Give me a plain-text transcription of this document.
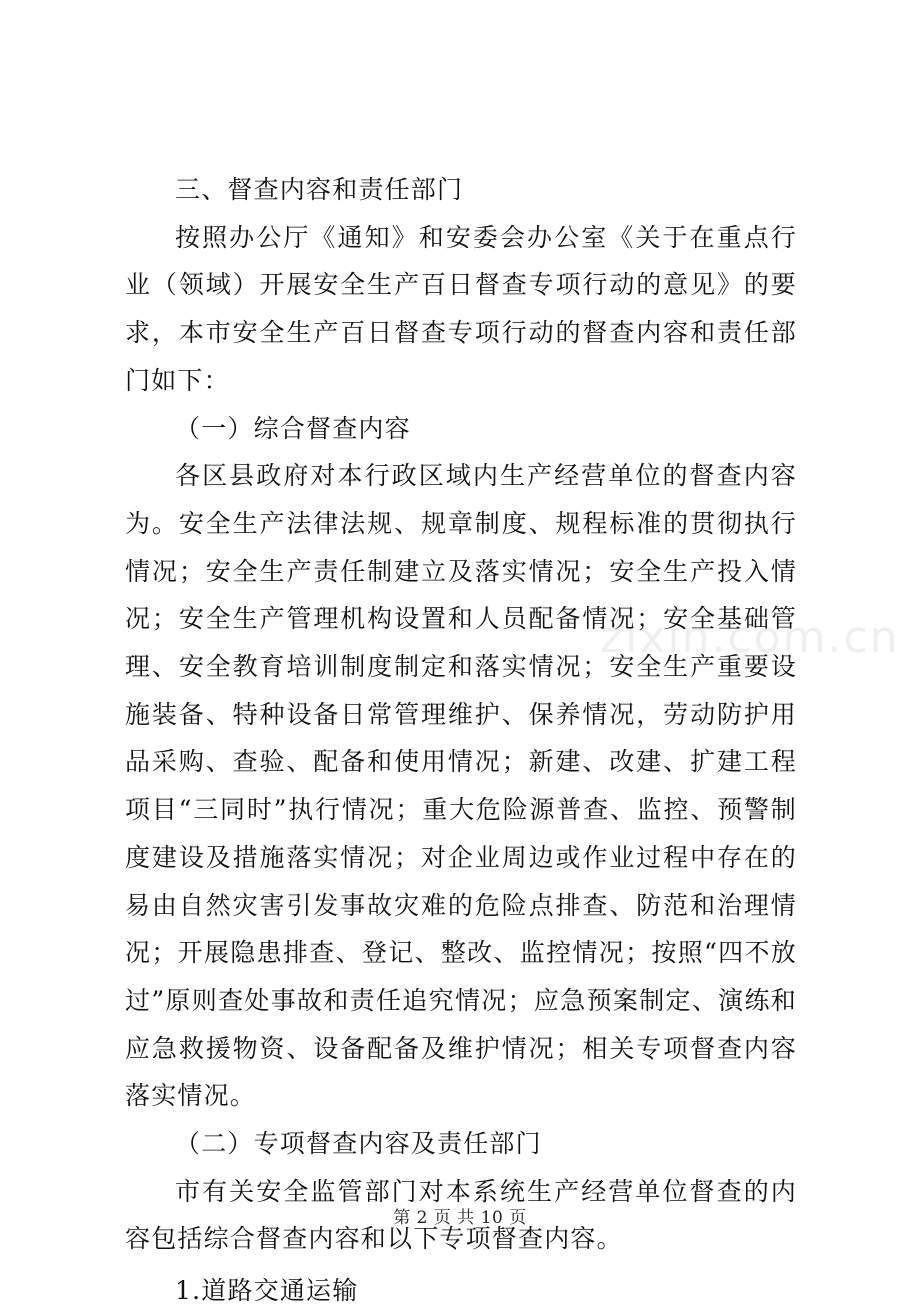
三、督查内容和责任部门

按照办公厅《通知》和安委会办公室《关于在重点行业（领域）开展安全生产百日督查专项行动的意见》的要求，本市安全生产百日督查专项行动的督查内容和责任部门如下：

（一）综合督查内容

各区县政府对本行政区域内生产经营单位的督查内容为。安全生产法律法规、规章制度、规程标准的贯彻执行情况；安全生产责任制建立及落实情况；安全生产投入情况；安全生产管理机构设置和人员配备情况；安全基础管理、安全教育培训制度制定和落实情况；安全生产重要设施装备、特种设备日常管理维护、保养情况，劳动防护用品采购、查验、配备和使用情况；新建、改建、扩建工程项目“三同时”执行情况；重大危险源普查、监控、预警制度建设及措施落实情况；对企业周边或作业过程中存在的易由自然灾害引发事故灾难的危险点排查、防范和治理情况；开展隐患排查、登记、整改、监控情况；按照“四不放过”原则查处事故和责任追究情况；应急预案制定、演练和应急救援物资、设备配备及维护情况；相关专项督查内容落实情况。

（二）专项督查内容及责任部门

市有关安全监管部门对本系统生产经营单位督查的内容包括综合督查内容和以下专项督查内容。

1.道路交通运输

zixin.com.cn
第 2 页 共 10 页
